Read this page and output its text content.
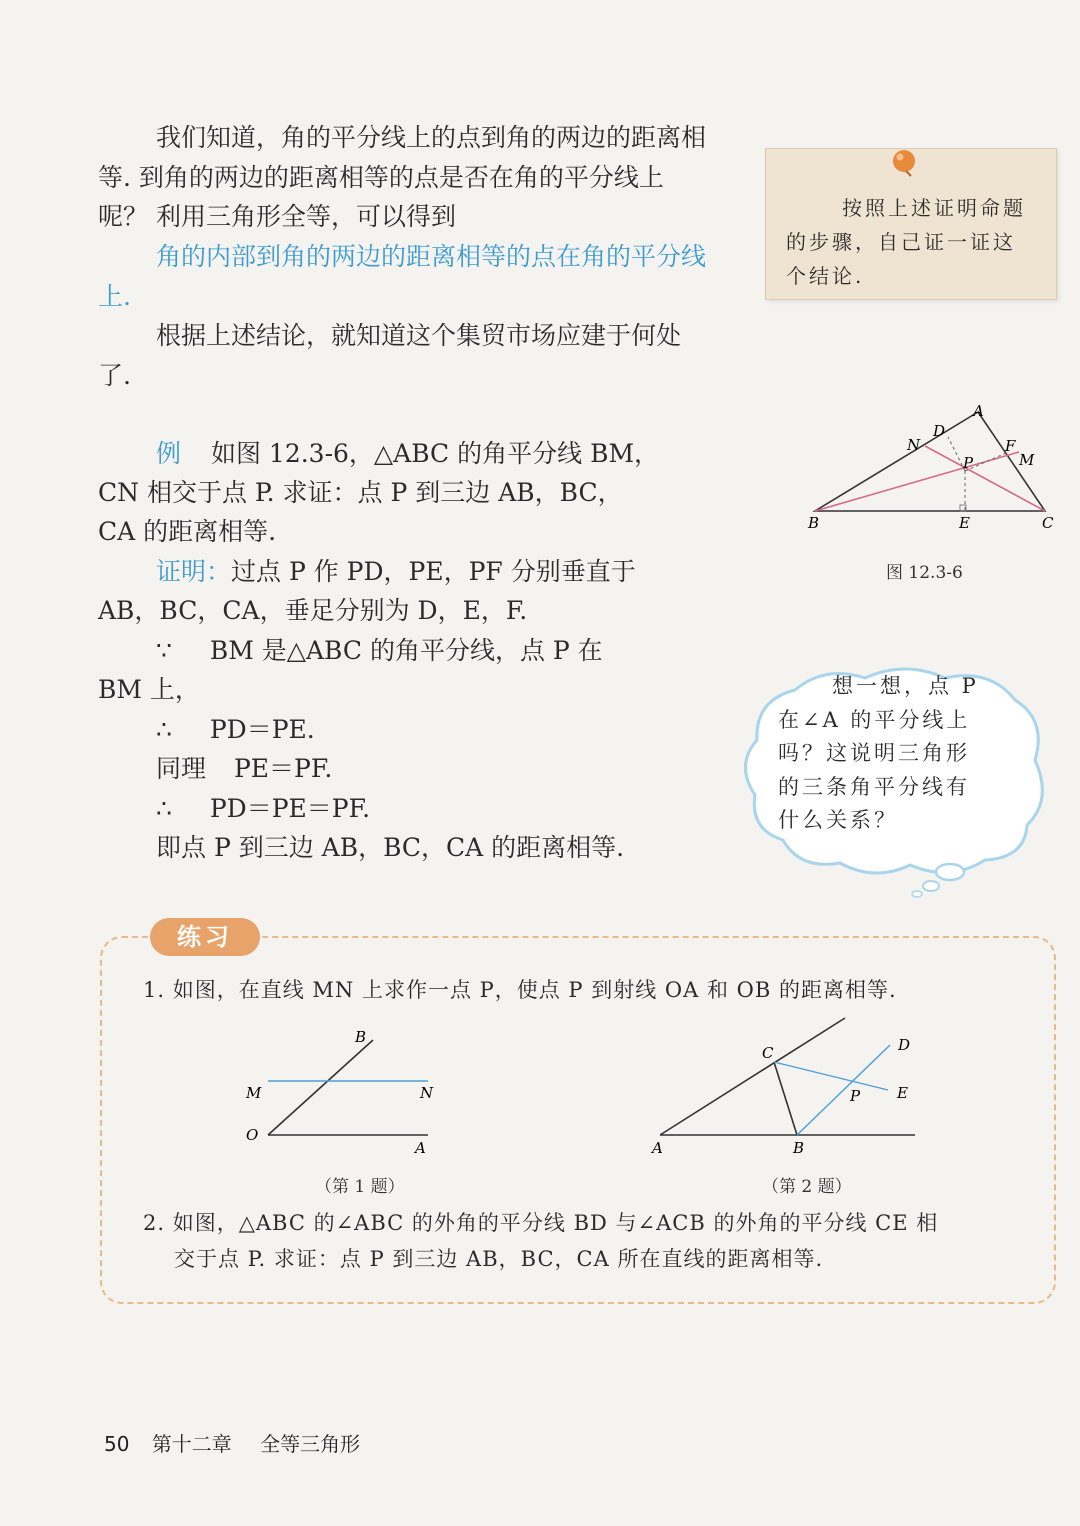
我们知道，角的平分线上的点到角的两边的距离相等. 到角的两边的距离相等的点是否在角的平分线上呢？ 利用三角形全等，可以得到

角的内部到角的两边的距离相等的点在角的平分线上.

根据上述结论，就知道这个集贸市场应建于何处了.

按照上述证明命题的步骤，自己证一证这个结论.

A
B	C
D
E
F
M
N
P
图 12.3-6
例 如图 12.3-6，△ABC 的角平分线 BM，
CN 相交于点 P. 求证：点 P 到三边 AB，BC，
CA 的距离相等.
证明：过点 P 作 PD，PE，PF 分别垂直于
AB，BC，CA，垂足分别为 D，E，F.
∵ BM 是△ABC 的角平分线，点 P 在
BM 上，
∴ PD＝PE.
同理 PE＝PF.
∴ PD＝PE＝PF.
即点 P 到三边 AB，BC，CA 的距离相等.

想一想，点 P 在∠A 的平分线上吗？这说明三角形的三条角平分线有什么关系？

练习

1. 如图，在直线 MN 上求作一点 P，使点 P 到射线 OA 和 OB 的距离相等.

B
M	N
O
A
（第 1 题）
C	D
P E
A	B
（第 2 题）

2. 如图，△ABC 的∠ABC 的外角的平分线 BD 与∠ACB 的外角的平分线 CE 相

交于点 P. 求证：点 P 到三边 AB，BC，CA 所在直线的距离相等.

50 第十二章 全等三角形
